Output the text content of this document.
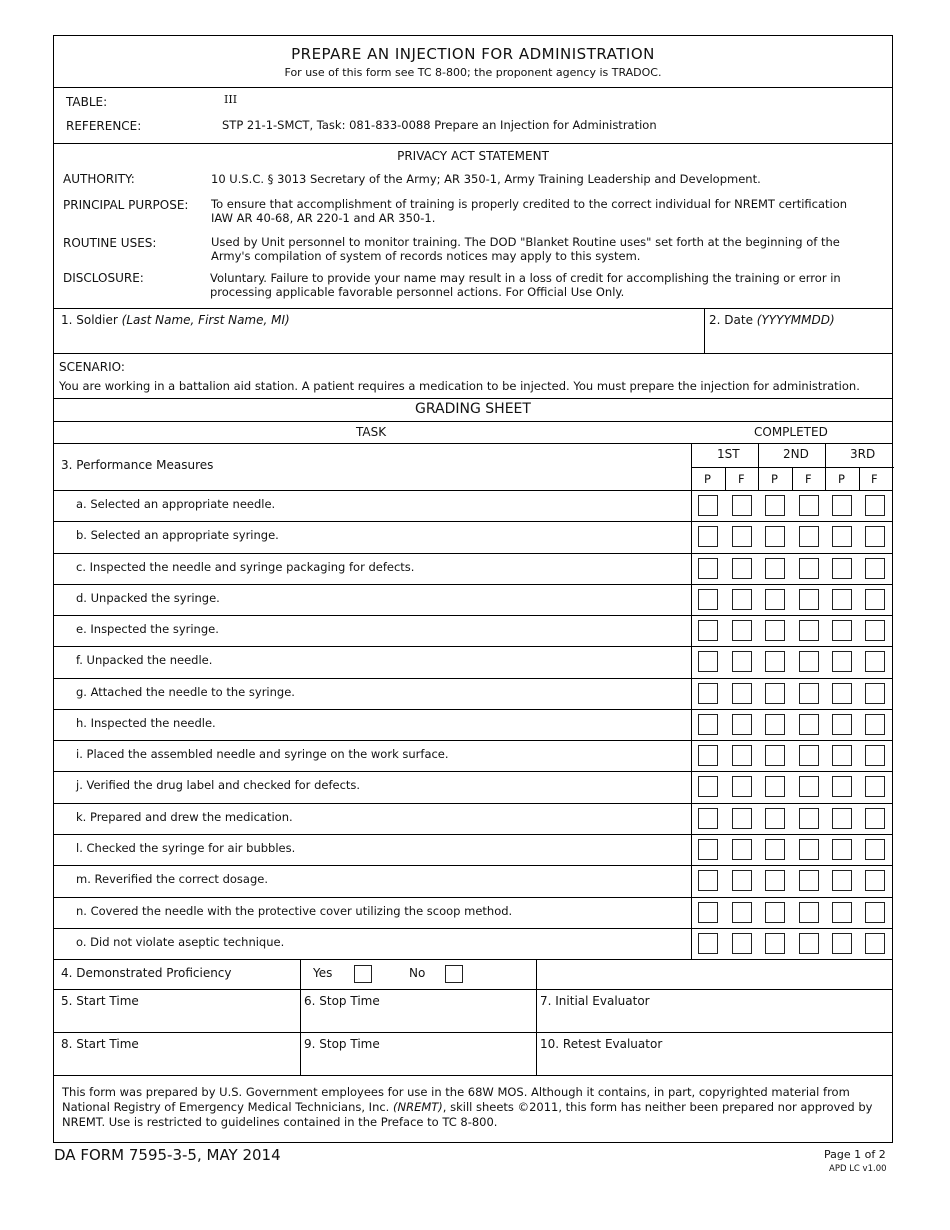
PREPARE AN INJECTION FOR ADMINISTRATION
For use of this form see TC 8-800; the proponent agency is TRADOC.
TABLE:	III
REFERENCE:	STP 21-1-SMCT, Task: 081-833-0088 Prepare an Injection for Administration
PRIVACY ACT STATEMENT
AUTHORITY:	10 U.S.C. § 3013 Secretary of the Army; AR 350-1, Army Training Leadership and Development.
PRINCIPAL PURPOSE: To ensure that accomplishment of training is properly credited to the correct individual for NREMT certification IAW AR 40-68, AR 220-1 and AR 350-1.
ROUTINE USES:	Used by Unit personnel to monitor training. The DOD "Blanket Routine uses" set forth at the beginning of the Army's compilation of system of records notices may apply to this system.
DISCLOSURE:	Voluntary. Failure to provide your name may result in a loss of credit for accomplishing the training or error in processing applicable favorable personnel actions. For Official Use Only.
1. Soldier (Last Name, First Name, MI)	2. Date (YYYYMMDD)
SCENARIO:
You are working in a battalion aid station. A patient requires a medication to be injected. You must prepare the injection for administration.
GRADING SHEET
TASK	COMPLETED
3. Performance Measures
1ST	2ND	3RD
P F P F P F
a. Selected an appropriate needle.
b. Selected an appropriate syringe.
c. Inspected the needle and syringe packaging for defects.
d. Unpacked the syringe.
e. Inspected the syringe.
f. Unpacked the needle.
g. Attached the needle to the syringe.
h. Inspected the needle.
i. Placed the assembled needle and syringe on the work surface.
j. Verified the drug label and checked for defects.
k. Prepared and drew the medication.
l. Checked the syringe for air bubbles.
m. Reverified the correct dosage.
n. Covered the needle with the protective cover utilizing the scoop method.
o. Did not violate aseptic technique.
4. Demonstrated Proficiency	Yes	No
5. Start Time	6. Stop Time	7. Initial Evaluator
8. Start Time	9. Stop Time	10. Retest Evaluator
This form was prepared by U.S. Government employees for use in the 68W MOS. Although it contains, in part, copyrighted material from National Registry of Emergency Medical Technicians, Inc. (NREMT), skill sheets ©2011, this form has neither been prepared nor approved by NREMT. Use is restricted to guidelines contained in the Preface to TC 8-800.
DA FORM 7595-3-5, MAY 2014	Page 1 of 2
APD LC v1.00
